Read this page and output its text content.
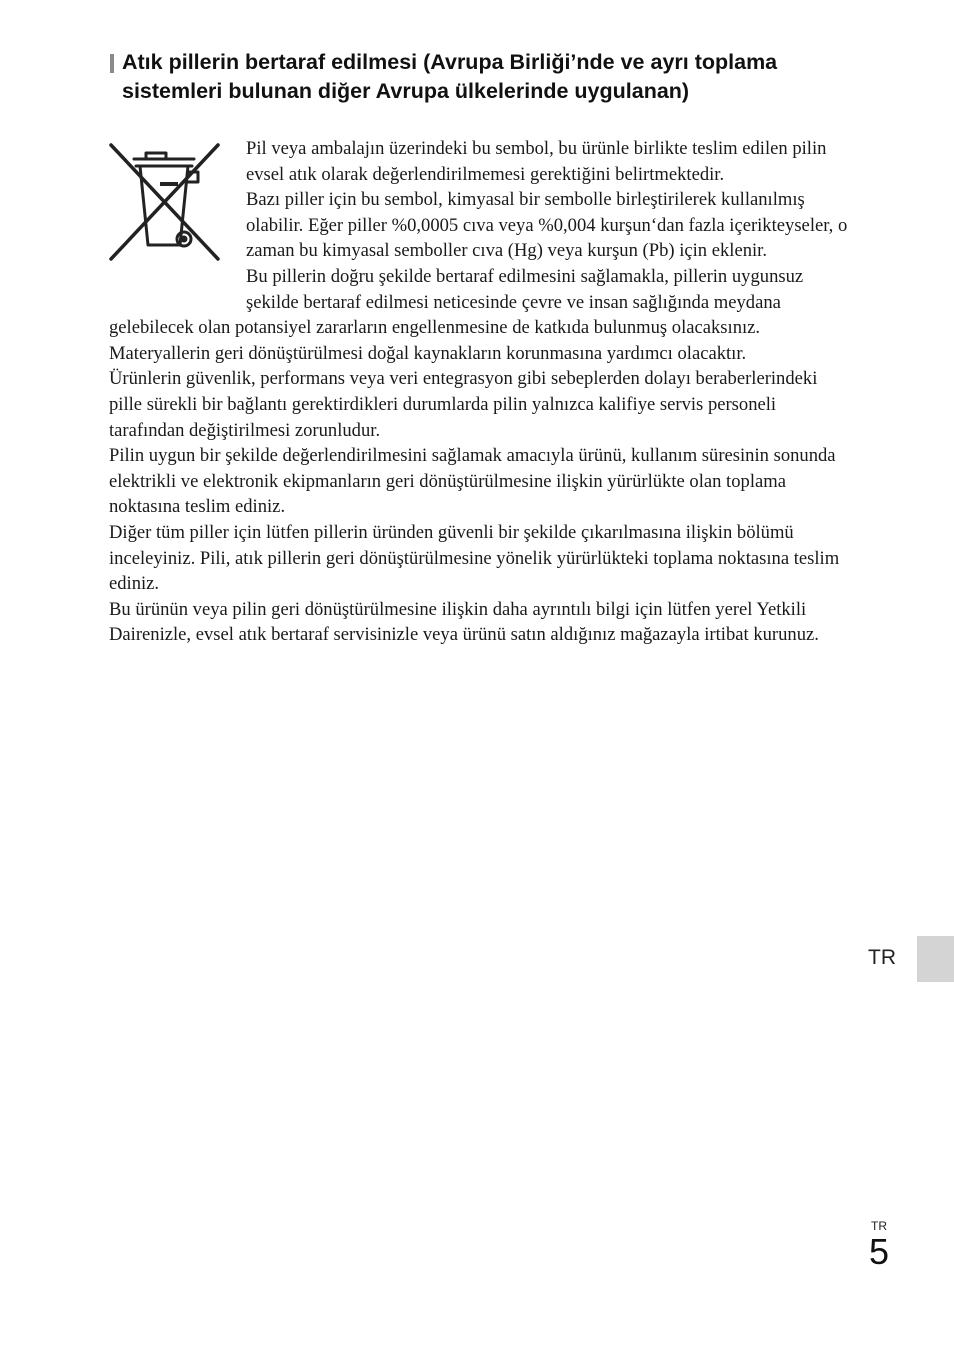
Atık pillerin bertaraf edilmesi (Avrupa Birliği’nde ve ayrı toplama sistemleri bulunan diğer Avrupa ülkelerinde uygulanan)

Pil veya ambalajın üzerindeki bu sembol, bu ürünle birlikte teslim edilen pilin evsel atık olarak değerlendirilmemesi gerektiğini belirtmektedir.

Bazı piller için bu sembol, kimyasal bir sembolle birleştirilerek kullanılmış olabilir. Eğer piller %0,0005 cıva veya %0,004 kurşun‘dan fazla içerikteyseler, o zaman bu kimyasal semboller cıva (Hg) veya kurşun (Pb) için eklenir.

Bu pillerin doğru şekilde bertaraf edilmesini sağlamakla, pillerin uygunsuz şekilde bertaraf edilmesi neticesinde çevre ve insan sağlığında meydana gelebilecek olan potansiyel zararların engellenmesine de katkıda bulunmuş olacaksınız. Materyallerin geri dönüştürülmesi doğal kaynakların korunmasına yardımcı olacaktır.

Ürünlerin güvenlik, performans veya veri entegrasyon gibi sebeplerden dolayı beraberlerindeki pille sürekli bir bağlantı gerektirdikleri durumlarda pilin yalnızca kalifiye servis personeli tarafından değiştirilmesi zorunludur.

Pilin uygun bir şekilde değerlendirilmesini sağlamak amacıyla ürünü, kullanım süresinin sonunda elektrikli ve elektronik ekipmanların geri dönüştürülmesine ilişkin yürürlükte olan toplama noktasına teslim ediniz.

Diğer tüm piller için lütfen pillerin üründen güvenli bir şekilde çıkarılmasına ilişkin bölümü inceleyiniz. Pili, atık pillerin geri dönüştürülmesine yönelik yürürlükteki toplama noktasına teslim ediniz.

Bu ürünün veya pilin geri dönüştürülmesine ilişkin daha ayrıntılı bilgi için lütfen yerel Yetkili Dairenizle, evsel atık bertaraf servisinizle veya ürünü satın aldığınız mağazayla irtibat kurunuz.

TR
TR
5
